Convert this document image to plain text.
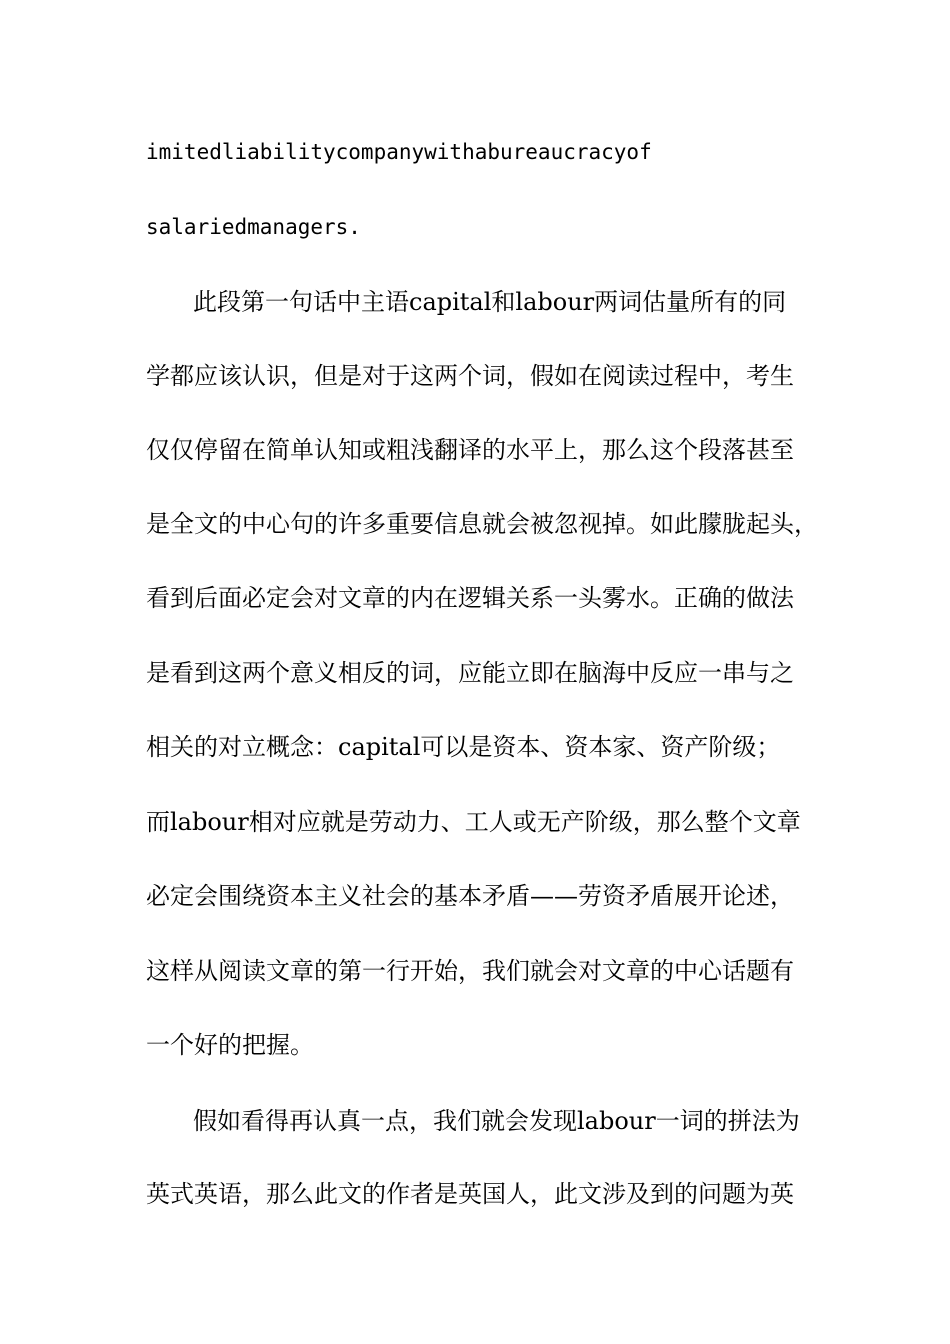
imitedliabilitycompanywithabureaucracyof
salariedmanagers.
此段第一句话中主语capital和labour两词估量所有的同
学都应该认识，但是对于这两个词，假如在阅读过程中，考生
仅仅停留在简单认知或粗浅翻译的水平上，那么这个段落甚至
是全文的中心句的许多重要信息就会被忽视掉。如此朦胧起头，
看到后面必定会对文章的内在逻辑关系一头雾水。正确的做法
是看到这两个意义相反的词，应能立即在脑海中反应一串与之
相关的对立概念：capital可以是资本、资本家、资产阶级；
而labour相对应就是劳动力、工人或无产阶级，那么整个文章
必定会围绕资本主义社会的基本矛盾——劳资矛盾展开论述，
这样从阅读文章的第一行开始，我们就会对文章的中心话题有
一个好的把握。
假如看得再认真一点，我们就会发现labour一词的拼法为
英式英语，那么此文的作者是英国人，此文涉及到的问题为英
